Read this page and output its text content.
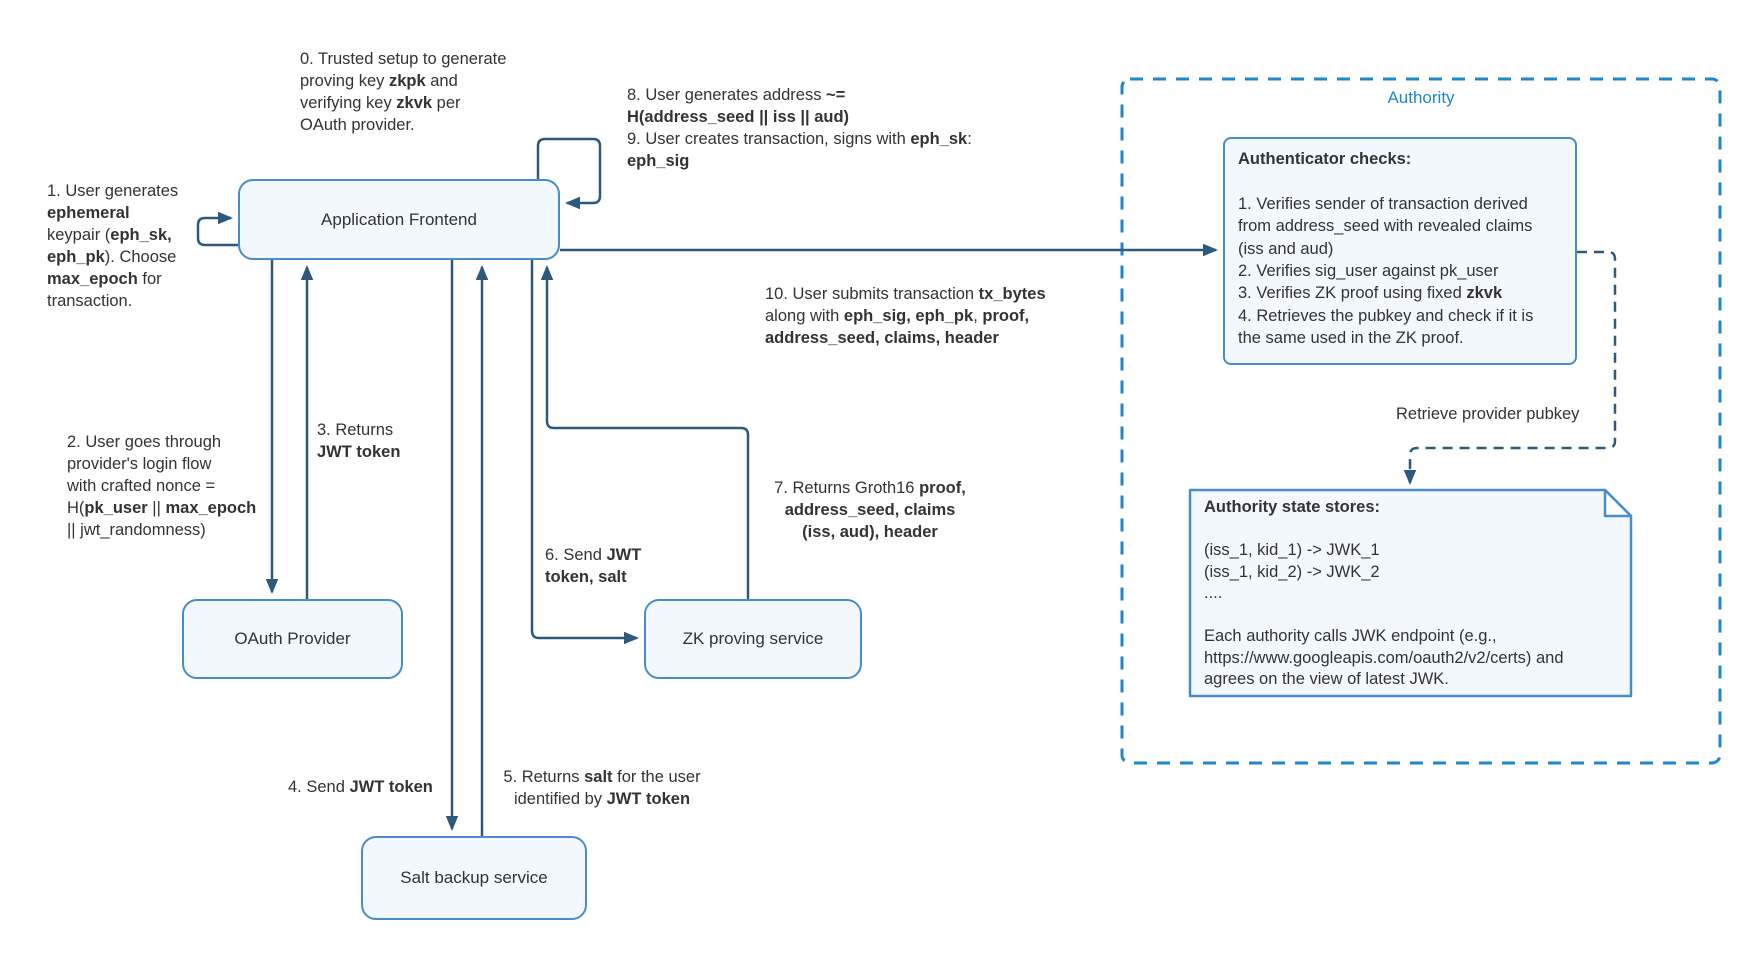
Authority
Application Frontend
OAuth Provider	ZK proving service
Salt backup service
Authenticator checks:

1. Verifies sender of transaction derived
from address_seed with revealed claims
(iss and aud)
2. Verifies sig_user against pk_user
3. Verifies ZK proof using fixed zkvk
4. Retrieves the pubkey and check if it is
the same used in the ZK proof.
Authority state stores:

(iss_1, kid_1) -> JWK_1
(iss_1, kid_2) -> JWK_2
....

Each authority calls JWK endpoint (e.g.,
https://www.googleapis.com/oauth2/v2/certs) and
agrees on the view of latest JWK.
0. Trusted setup to generate
proving key zkpk and
verifying key zkvk per
OAuth provider.
1. User generates
ephemeral
keypair (eph_sk,
eph_pk). Choose
max_epoch for
transaction.
2. User goes through
provider's login flow
with crafted nonce =
H(pk_user || max_epoch
|| jwt_randomness)
3. Returns
JWT token
4. Send JWT token
5. Returns salt for the user
identified by JWT token
6. Send JWT
token, salt
7. Returns Groth16 proof,
address_seed, claims
(iss, aud), header
8. User generates address ~=
H(address_seed || iss || aud)
9. User creates transaction, signs with eph_sk:
eph_sig
10. User submits transaction tx_bytes
along with eph_sig, eph_pk, proof,
address_seed, claims, header
Retrieve provider pubkey
